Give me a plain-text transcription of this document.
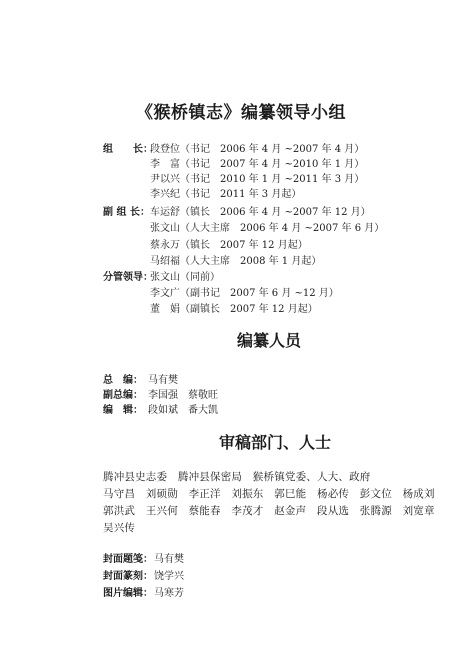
《猴桥镇志》编纂领导小组
组　　长：
段登位（书记　2006 年 4 月 ~2007 年 4 月）
李　富（书记　2007 年 4 月 ~2010 年 1 月）
尹以兴（书记　2010 年 1 月 ~2011 年 3 月）
李兴纪（书记　2011 年 3 月起）
副 组 长： 车运舒（镇长　2006 年 4 月 ~2007 年 12 月）
张文山（人大主席　2006 年 4 月 ~2007 年 6 月）
蔡永万（镇长　2007 年 12 月起）
马绍福（人大主席　2008 年 1 月起）
分管领导：
张文山（同前）
李文广（副书记　2007 年 6 月 ~12 月）
董　娟（副镇长　2007 年 12 月起）
编纂人员
总　编： 马有樊
副总编： 李国强　蔡敬旺
编　辑： 段如斌　番大凯
审稿部门、人士
腾冲县史志委　腾冲县保密局　猴桥镇党委、人大、政府
马守昌　刘硕勋　李正洋　刘振东　郭巳能　杨必传　彭文位　杨成刘
郭洪武　王兴何　蔡能春　李茂才　赵金声　段从选　张腾源　刘宽章
吴兴传
封面题笺： 马有樊
封面篆刻： 饶学兴
图片编辑： 马寒芳
